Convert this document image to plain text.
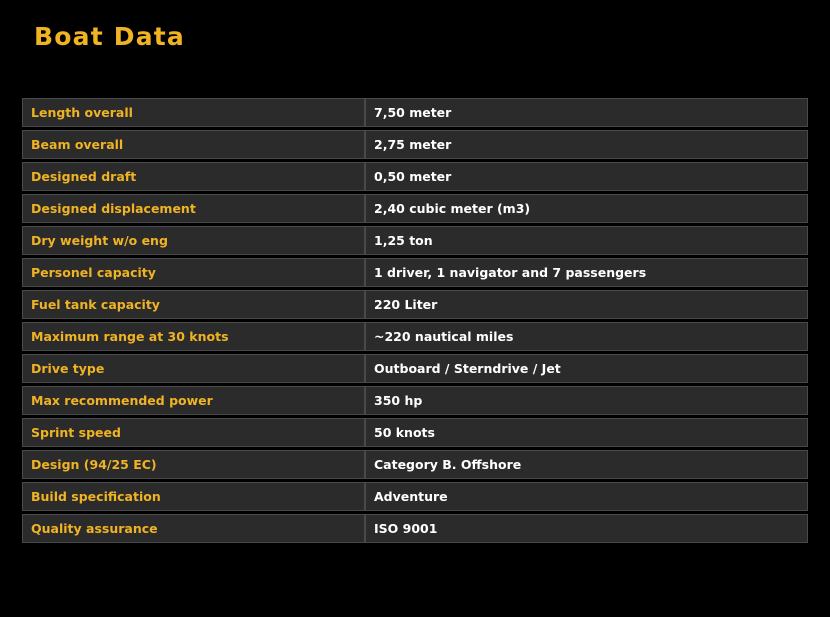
Boat Data
Length overall	7,50 meter
Beam overall	2,75 meter
Designed draft	0,50 meter
Designed displacement	2,40 cubic meter (m3)
Dry weight w/o eng	1,25 ton
Personel capacity	1 driver, 1 navigator and 7 passengers
Fuel tank capacity	220 Liter
Maximum range at 30 knots	~220 nautical miles
Drive type	Outboard / Sterndrive / Jet
Max recommended power	350 hp
Sprint speed	50 knots
Design (94/25 EC)	Category B. Offshore
Build specification	Adventure
Quality assurance	ISO 9001
